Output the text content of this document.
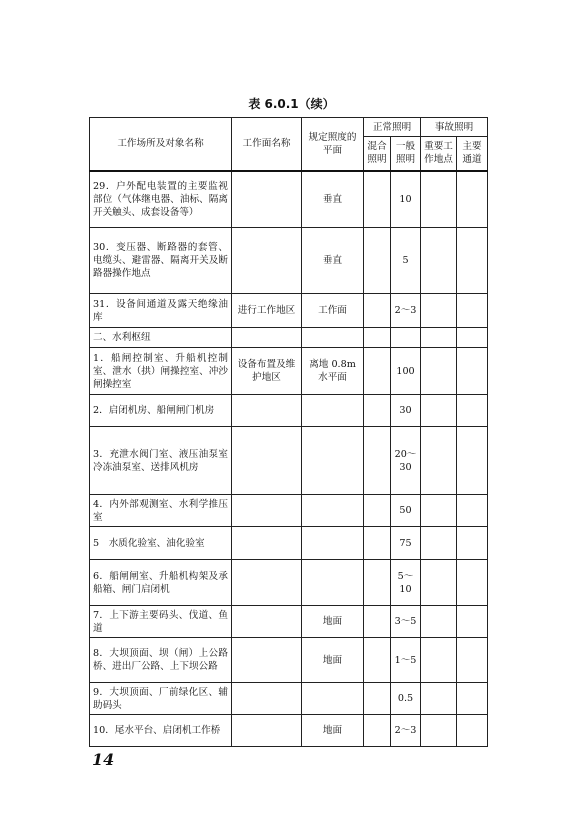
表 6.0.1（续）
工作场所及对象名称	工作面名称	规定照度的平面	正常照明		事故照明	
			混合照明	一般照明	重要工作地点	主要通道
29．户外配电装置的主要监视部位（气体继电器、油标、隔离开关触头、成套设备等）		垂直		10		
30．变压器、断路器的套管、电缆头、避雷器、隔离开关及断路器操作地点		垂直		5		
31．设备间通道及露天绝缘油库	进行工作地区	工作面		2～3		
二、水利枢纽						
1．船闸控制室、升船机控制室、泄水（拱）闸操控室、冲沙闸操控室	设备布置及维护地区	离地 0.8m 水平面		100		
2．启闭机房、船闸闸门机房				30		
3．充泄水阀门室、液压油泵室冷冻油泵室、送排风机房				20～30		
4．内外部观测室、水利学推压室				50		
5　水质化验室、油化验室				75		
6．船闸闸室、升船机构架及承船箱、闸门启闭机				5～10		
7．上下游主要码头、伐道、鱼道		地面		3～5		
8．大坝顶面、坝（闸）上公路桥、进出厂公路、上下坝公路		地面		1～5		
9．大坝顶面、厂前绿化区、辅助码头				0.5		
10．尾水平台、启闭机工作桥		地面		2～3		
14
